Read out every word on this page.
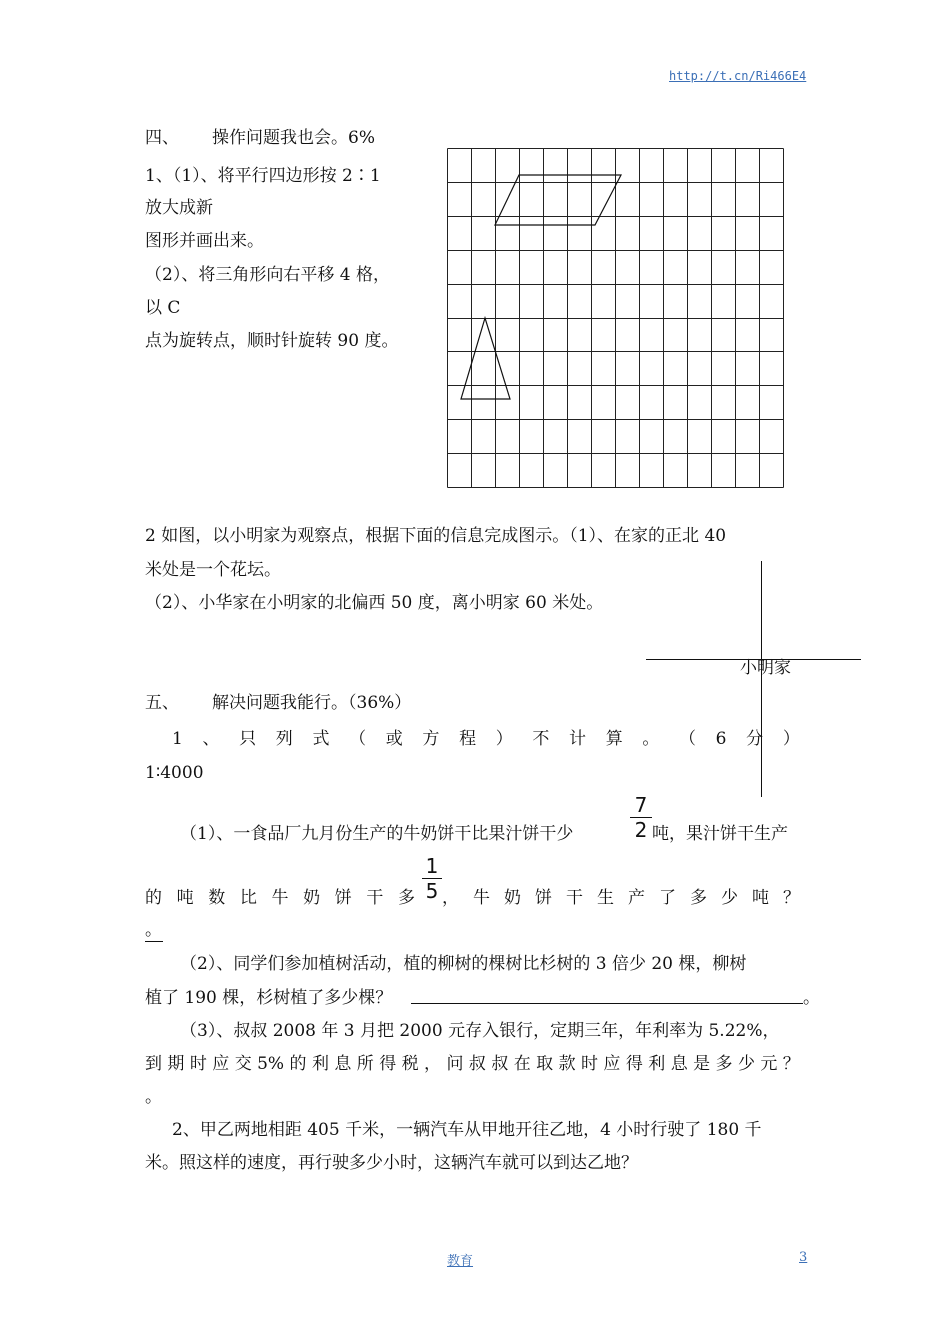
http://t.cn/Ri466E4
四、 操作问题我也会。6%
1、（1）、将平行四边形按 2∶1
放大成新
图形并画出来。
（2）、将三角形向右平移 4 格，
以 C
点为旋转点，顺时针旋转 90 度。
2 如图，以小明家为观察点，根据下面的信息完成图示。（1）、在家的正北 40
米处是一个花坛。
（2）、小华家在小明家的北偏西 50 度，离小明家 60 米处。
小明家
五、 解决问题我能行。（36%）
1 、 只 列 式 （ 或 方 程 ） 不 计 算 。 （ 6 分 ）
1∶4000
（1）、一食品厂九月份生产的牛奶饼干比果汁饼干少
7
2 吨，果汁饼干生产
的 吨 数 比 牛 奶 饼 干 多
1
5 ， 牛 奶 饼 干 生 产 了 多 少 吨 ？
。
（2）、同学们参加植树活动，植的柳树的棵树比杉树的 3 倍少 20 棵，柳树
植了 190 棵，杉树植了多少棵？	。
（3）、叔叔 2008 年 3 月把 2000 元存入银行，定期三年，年利率为 5.22%，
到 期 时 应 交 5% 的 利 息 所 得 税 ， 问 叔 叔 在 取 款 时 应 得 利 息 是 多 少 元 ？
。
2、甲乙两地相距 405 千米，一辆汽车从甲地开往乙地，4 小时行驶了 180 千
米。照这样的速度，再行驶多少小时，这辆汽车就可以到达乙地？
教育	3
